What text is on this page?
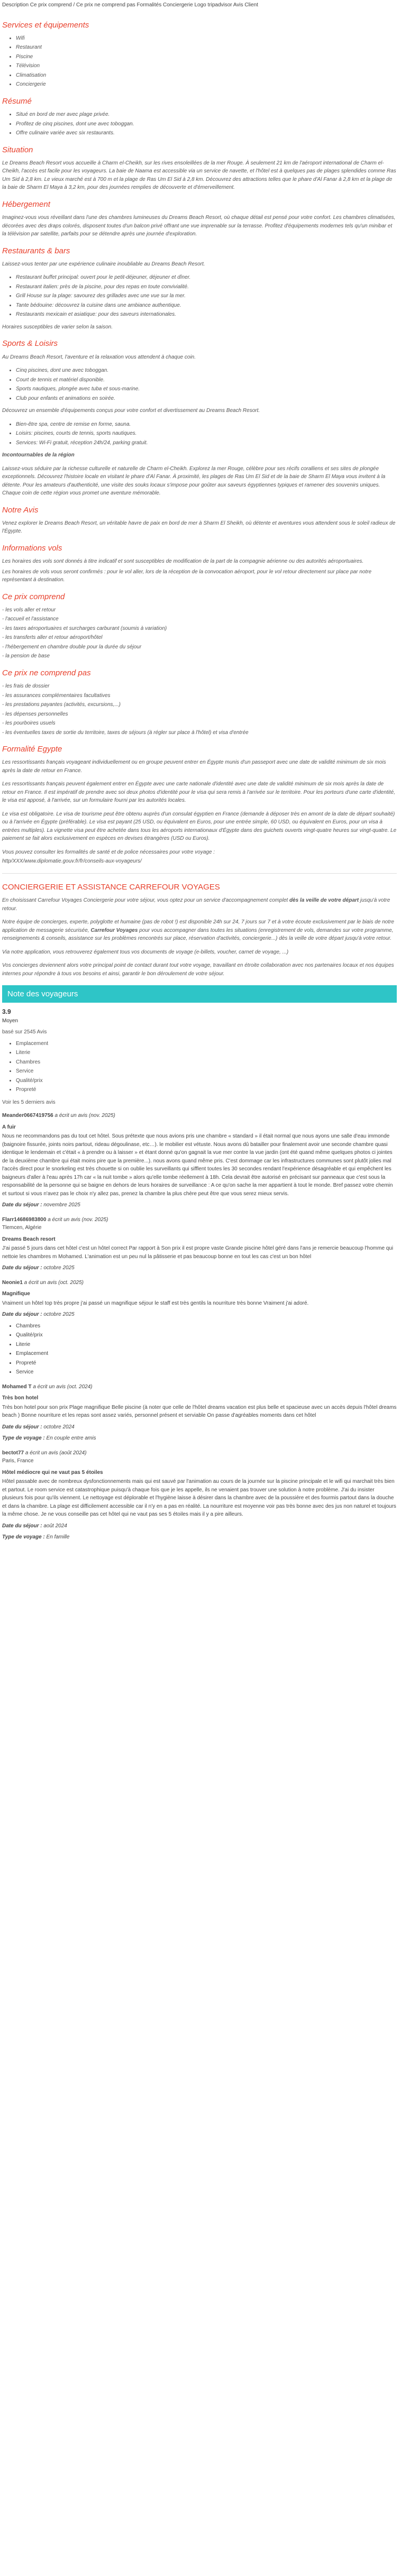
Description Ce prix comprend / Ce prix ne comprend pas Formalités Conciergerie Logo tripadvisor Avis Client
Services et équipements
• Wifi
• Restaurant
• Piscine
• Télévision
• Climatisation
• Conciergerie
Résumé
• Situé en bord de mer avec plage privée.
• Profitez de cinq piscines, dont une avec toboggan.
• Offre culinaire variée avec six restaurants.
Situation

Le Dreams Beach Resort vous accueille à Charm el-Cheikh, sur les rives ensoleillées de la mer Rouge. À seulement 21 km de l'aéroport international de Charm el-Cheikh, l'accès est facile pour les voyageurs. La baie de Naama est accessible via un service de navette, et l'hôtel est à quelques pas de plages splendides comme Ras Um Sid à 2,8 km. Le vieux marché est à 700 m et la plage de Ras Um El Sid à 2,8 km. Découvrez des attractions telles que le phare d'Al Fanar à 2,8 km et la plage de la baie de Sharm El Maya à 3,2 km, pour des journées remplies de découverte et d'émerveillement.

Hébergement

Imaginez-vous vous réveillant dans l'une des chambres lumineuses du Dreams Beach Resort, où chaque détail est pensé pour votre confort. Les chambres climatisées, décorées avec des draps colorés, disposent toutes d'un balcon privé offrant une vue imprenable sur la terrasse. Profitez d'équipements modernes tels qu'un minibar et la télévision par satellite, parfaits pour se détendre après une journée d'exploration.

Restaurants & bars

Laissez-vous tenter par une expérience culinaire inoubliable au Dreams Beach Resort.

• Restaurant buffet principal: ouvert pour le petit-déjeuner, déjeuner et dîner.
• Restaurant italien: près de la piscine, pour des repas en toute convivialité.
• Grill House sur la plage: savourez des grillades avec une vue sur la mer.
• Tante bédouine: découvrez la cuisine dans une ambiance authentique.
• Restaurants mexicain et asiatique: pour des saveurs internationales.

Horaires susceptibles de varier selon la saison.

Sports & Loisirs

Au Dreams Beach Resort, l'aventure et la relaxation vous attendent à chaque coin.

• Cinq piscines, dont une avec toboggan.
• Court de tennis et matériel disponible.
• Sports nautiques, plongée avec tuba et sous-marine.
• Club pour enfants et animations en soirée.

Découvrez un ensemble d'équipements conçus pour votre confort et divertissement au Dreams Beach Resort.

• Bien-être spa, centre de remise en forme, sauna.
• Loisirs: piscines, courts de tennis, sports nautiques.
• Services: Wi-Fi gratuit, réception 24h/24, parking gratuit.

Incontournables de la région

Laissez-vous séduire par la richesse culturelle et naturelle de Charm el-Cheikh. Explorez la mer Rouge, célèbre pour ses récifs coralliens et ses sites de plongée exceptionnels. Découvrez l'histoire locale en visitant le phare d'Al Fanar. À proximité, les plages de Ras Um El Sid et de la baie de Sharm El Maya vous invitent à la détente. Pour les amateurs d'authenticité, une visite des souks locaux s'impose pour goûter aux saveurs égyptiennes typiques et ramener des souvenirs uniques. Chaque coin de cette région vous promet une aventure mémorable.

Notre Avis

Venez explorer le Dreams Beach Resort, un véritable havre de paix en bord de mer à Sharm El Sheikh, où détente et aventures vous attendent sous le soleil radieux de l'Égypte.

Informations vols

Les horaires des vols sont donnés à titre indicatif et sont susceptibles de modification de la part de la compagnie aérienne ou des autorités aéroportuaires.

Les horaires de vols vous seront confirmés : pour le vol aller, lors de la réception de la convocation aéroport, pour le vol retour directement sur place par notre représentant à destination.

Ce prix comprend
- les vols aller et retour
- l'accueil et l'assistance
- les taxes aéroportuaires et surcharges carburant (soumis à variation)
- les transferts aller et retour aéroport/hôtel
- l'hébergement en chambre double pour la durée du séjour
- la pension de base
Ce prix ne comprend pas
- les frais de dossier
- les assurances complémentaires facultatives
- les prestations payantes (activités, excursions,...)
- les dépenses personnelles
- les pourboires usuels
- les éventuelles taxes de sortie du territoire, taxes de séjours (à régler sur place à l'hôtel) et visa d'entrée
Formalité Egypte

Les ressortissants français voyageant individuellement ou en groupe peuvent entrer en Égypte munis d'un passeport avec une date de validité minimum de six mois après la date de retour en France.

Les ressortissants français peuvent également entrer en Égypte avec une carte nationale d'identité avec une date de validité minimum de six mois après la date de retour en France. Il est impératif de prendre avec soi deux photos d'identité pour le visa qui sera remis à l'arrivée sur le territoire. Pour les porteurs d'une carte d'identité, le visa est apposé, à l'arrivée, sur un formulaire fourni par les autorités locales.

Le visa est obligatoire. Le visa de tourisme peut être obtenu auprès d'un consulat égyptien en France (demande à déposer très en amont de la date de départ souhaité) ou à l'arrivée en Égypte (préférable). Le visa est payant (25 USD, ou équivalent en Euros, pour une entrée simple, 60 USD, ou équivalent en Euros, pour un visa à entrées multiples). La vignette visa peut être achetée dans tous les aéroports internationaux d'Égypte dans des guichets ouverts vingt-quatre heures sur vingt-quatre. Le paiement se fait alors exclusivement en espèces en devises étrangères (USD ou Euros).

Vous pouvez consulter les formalités de santé et de police nécessaires pour votre voyage :

http/XXX/www.diplomatie.gouv.fr/fr/conseils-aux-voyageurs/

CONCIERGERIE ET ASSISTANCE CARREFOUR VOYAGES

En choisissant Carrefour Voyages Conciergerie pour votre séjour, vous optez pour un service d'accompagnement complet dès la veille de votre départ jusqu'à votre retour.

Notre équipe de concierges, experte, polyglotte et humaine (pas de robot !) est disponible 24h sur 24, 7 jours sur 7 et à votre écoute exclusivement par le biais de notre application de messagerie sécurisée, Carrefour Voyages pour vous accompagner dans toutes les situations (enregistrement de vols, demandes sur votre programme, renseignements & conseils, assistance sur les problèmes rencontrés sur place, réservation d'activités, conciergerie...) dès la veille de votre départ jusqu'à votre retour.

Via notre application, vous retrouverez également tous vos documents de voyage (e-billets, voucher, carnet de voyage, ...)

Vos concierges deviennent alors votre principal point de contact durant tout votre voyage, travaillant en étroite collaboration avec nos partenaires locaux et nos équipes internes pour répondre à tous vos besoins et ainsi, garantir le bon déroulement de votre séjour.

Note des voyageurs
3.9
Moyen
basé sur 2545 Avis
• Emplacement
• Literie
• Chambres
• Service
• Qualité/prix
• Propreté
Voir les 5 derniers avis
Meander0667419756 a écrit un avis (nov. 2025)
A fuir
Nous ne recommandons pas du tout cet hôtel. Sous prétexte que nous avions pris une chambre « standard » il était normal que nous ayons une salle d'eau immonde (baignoire fissurée, joints noirs partout, rideau dégoulinase, etc…). le mobilier est vétuste. Nous avons dû batailler pour finalement avoir une seconde chambre quasi identique le lendemain et c'était « à prendre ou à laisser » et étant donné qu'on gagnait la vue mer contre la vue jardin (ont été quand même quelques photos ci jointes de la deuxième chambre qui était moins pire que la première...). nous avons quand même pris. C'est dommage car les infrastructures communes sont plutôt jolies mal l'accès direct pour le snorkeling est très chouette si on oublie les surveillants qui sifflent toutes les 30 secondes rendant l'expérience désagréable et qui empêchent les baigneurs d'aller à l'eau après 17h car « la nuit tombe » alors qu'elle tombe réellement à 18h. Cela devrait être autorisé en précisant sur panneaux que c'est sous la responsabilité de la personne qui se baigne en dehors de leurs horaires de surveillance : A ce qu'on sache la mer appartient à tout le monde. Bref passez votre chemin et surtout si vous n'avez pas le choix n'y allez pas, prenez la chambre la plus chère peut être que vous serez mieux servis.
Date du séjour : novembre 2025
Flarr14686983800 a écrit un avis (nov. 2025)
Tlemcen, Algérie
Dreams Beach resort
J'ai passé 5 jours dans cet hôtel c'est un hôtel correct Par rapport à Son prix il est propre vaste Grande piscine hôtel géré dans l'ans je remercie beaucoup l'homme qui nettoie les chambres m Mohamed. L'animation est un peu nul la pâtisserie et pas beaucoup bonne en tout les cas c'est un bon hôtel
Date du séjour : octobre 2025
Neonie1 a écrit un avis (oct. 2025)
Magnifique
Vraiment un hôtel top très propre j'ai passé un magnifique séjour le staff est très gentils la nourriture très bonne Vraiment j'ai adoré.
Date du séjour : octobre 2025
• Chambres
• Qualité/prix
• Literie
• Emplacement
• Propreté
• Service
Mohamed T a écrit un avis (oct. 2024)
Très bon hotel
Très bon hotel pour son prix Plage magnifique Belle piscine (à noter que celle de l'hôtel dreams vacation est plus belle et spacieuse avec un accès depuis l'hôtel dreams beach ) Bonne nourriture et les repas sont assez variés, personnel présent et serviable On passe d'agréables moments dans cet hôtel
Date du séjour : octobre 2024
Type de voyage : En couple entre amis
bectot77 a écrit un avis (août 2024)
Paris, France
Hôtel médiocre qui ne vaut pas 5 étoiles
Hôtel passable avec de nombreux dysfonctionnements mais qui est sauvé par l'animation au cours de la journée sur la piscine principale et le wifi qui marchait très bien et partout. Le room service est catastrophique puisqu'à chaque fois que je les appelle, ils ne venaient pas trouver une solution à notre problème. J'ai du insister plusieurs fois pour qu'ils viennent. Le nettoyage est déplorable et l'hygiène laisse à désirer dans la chambre avec de la poussière et des fourmis partout dans la douche et dans la chambre. La plage est difficilement accessible car il n'y en a pas en réalité. La nourriture est moyenne voir pas très bonne avec des jus non naturel et toujours la même chose. Je ne vous conseille pas cet hôtel qui ne vaut pas ses 5 étoiles mais il y a pire ailleurs.
Date du séjour : août 2024
Type de voyage : En famille
